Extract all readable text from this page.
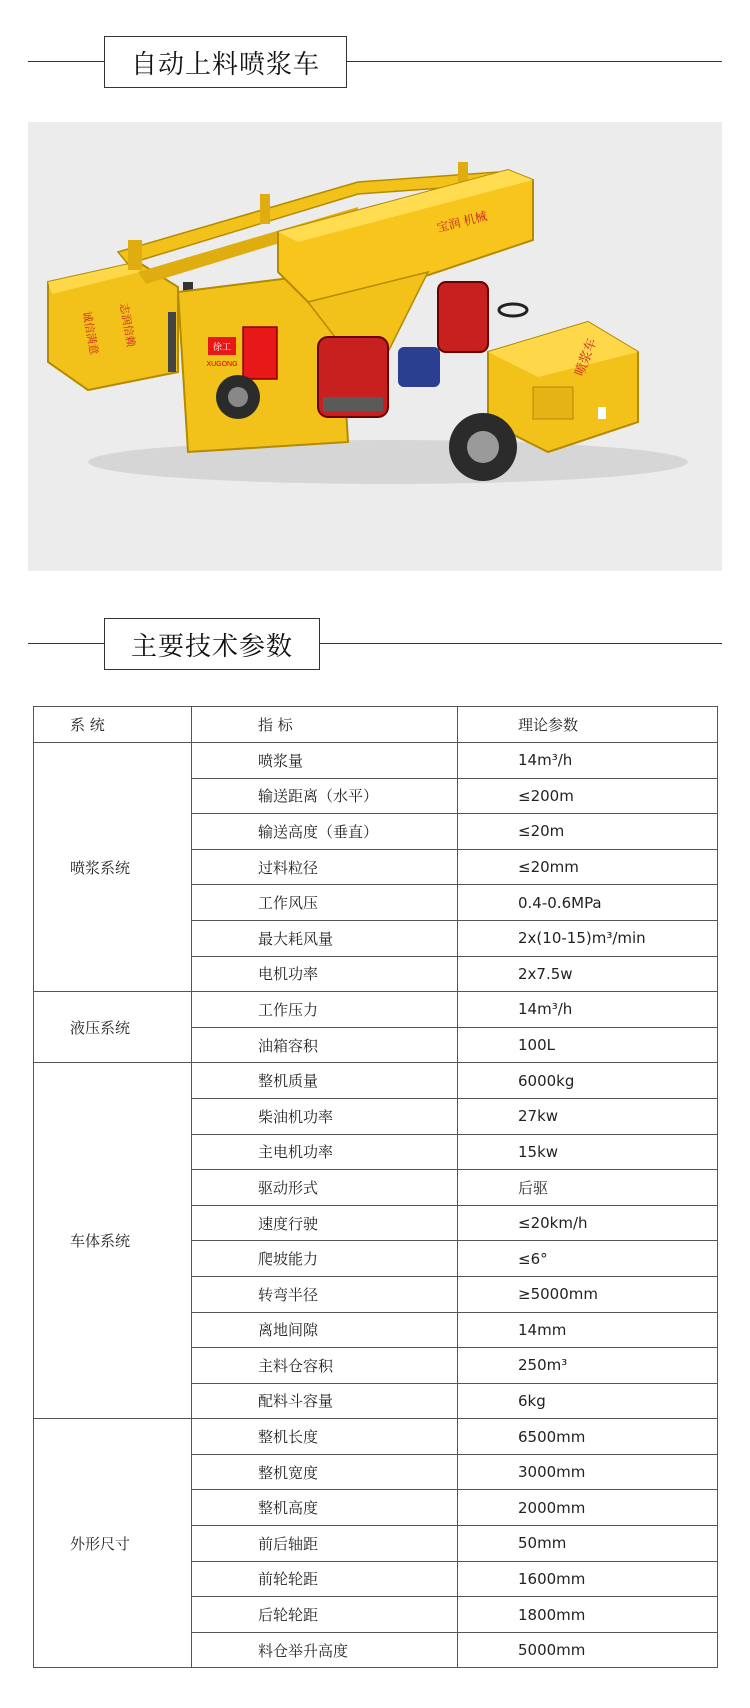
自动上料喷浆车
徐工
XUGONG
宝润 机械
喷浆车
诚信满意 志润信赖
主要技术参数
系 统	指 标	理论参数
喷浆系统	喷浆量	14m³/h
	输送距离（水平）	≤200m
	输送高度（垂直）	≤20m
	过料粒径	≤20mm
	工作风压	0.4-0.6MPa
	最大耗风量	2x(10-15)m³/min
	电机功率	2x7.5w
液压系统	工作压力	14m³/h
	油箱容积	100L
车体系统	整机质量	6000kg
	柴油机功率	27kw
	主电机功率	15kw
	驱动形式	后驱
	速度行驶	≤20km/h
	爬坡能力	≤6°
	转弯半径	≥5000mm
	离地间隙	14mm
	主料仓容积	250m³
	配料斗容量	6kg
外形尺寸	整机长度	6500mm
	整机宽度	3000mm
	整机高度	2000mm
	前后轴距	50mm
	前轮轮距	1600mm
	后轮轮距	1800mm
	料仓举升高度	5000mm
